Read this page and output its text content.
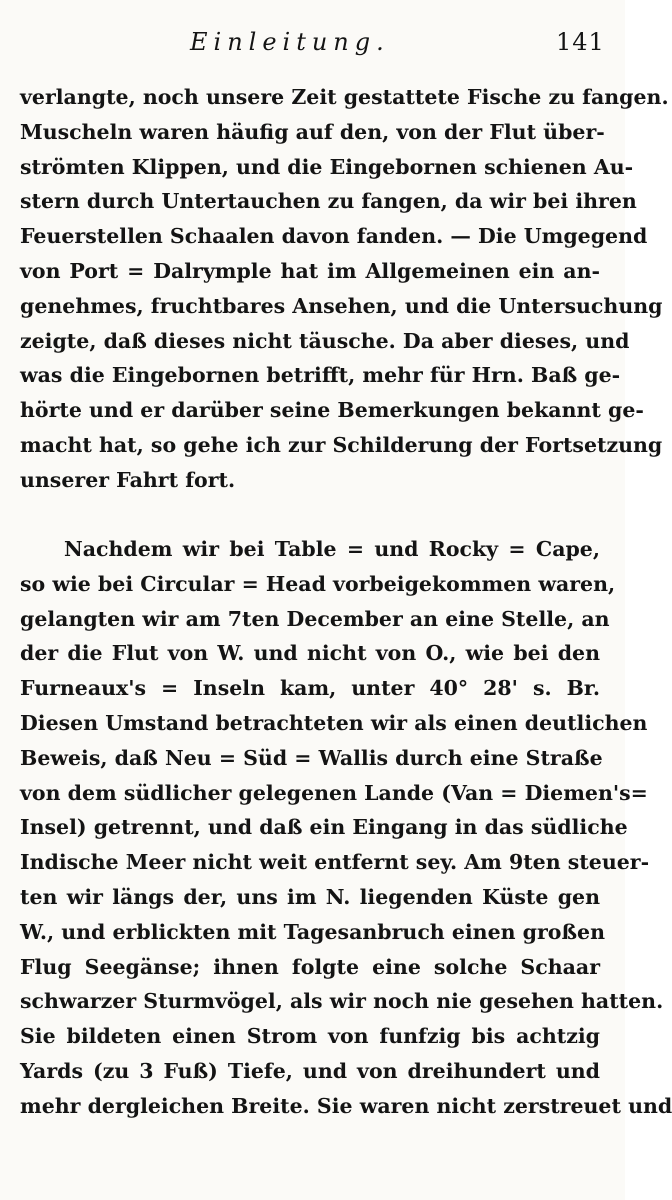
Einleitung.	141
verlangte, noch unsere Zeit gestattete Fische zu fangen.
Muscheln waren häufig auf den, von der Flut über-
strömten Klippen, und die Eingebornen schienen Au-
stern durch Untertauchen zu fangen, da wir bei ihren
Feuerstellen Schaalen davon fanden. — Die Umgegend
von Port = Dalrymple hat im Allgemeinen ein an-
genehmes, fruchtbares Ansehen, und die Untersuchung
zeigte, daß dieses nicht täusche. Da aber dieses, und
was die Eingebornen betrifft, mehr für Hrn. Baß ge-
hörte und er darüber seine Bemerkungen bekannt ge-
macht hat, so gehe ich zur Schilderung der Fortsetzung
unserer Fahrt fort.
Nachdem wir bei Table = und Rocky = Cape,
so wie bei Circular = Head vorbeigekommen waren,
gelangten wir am 7ten December an eine Stelle, an
der die Flut von W. und nicht von O., wie bei den
Furneaux's = Inseln kam, unter 40° 28' s. Br.
Diesen Umstand betrachteten wir als einen deutlichen
Beweis, daß Neu = Süd = Wallis durch eine Straße
von dem südlicher gelegenen Lande (Van = Diemen's=
Insel) getrennt, und daß ein Eingang in das südliche
Indische Meer nicht weit entfernt sey. Am 9ten steuer-
ten wir längs der, uns im N. liegenden Küste gen
W., und erblickten mit Tagesanbruch einen großen
Flug Seegänse; ihnen folgte eine solche Schaar
schwarzer Sturmvögel, als wir noch nie gesehen hatten.
Sie bildeten einen Strom von funfzig bis achtzig
Yards (zu 3 Fuß) Tiefe, und von dreihundert und
mehr dergleichen Breite. Sie waren nicht zerstreuet und
